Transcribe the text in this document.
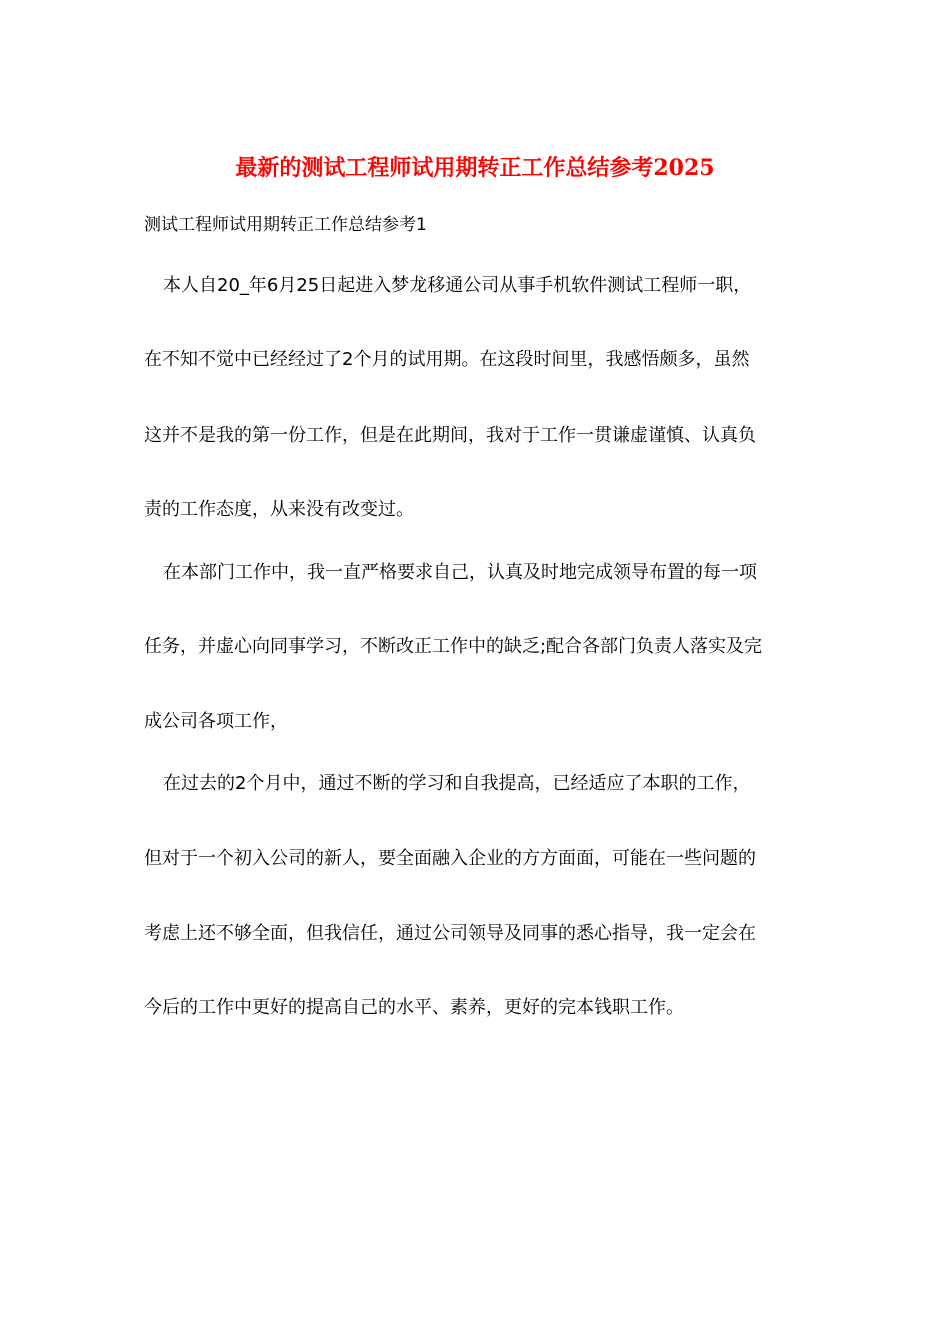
最新的测试工程师试用期转正工作总结参考2025
测试工程师试用期转正工作总结参考1
本人自20_年6月25日起进入梦龙移通公司从事手机软件测试工程师一职，
在不知不觉中已经经过了2个月的试用期。在这段时间里，我感悟颇多，虽然
这并不是我的第一份工作，但是在此期间，我对于工作一贯谦虚谨慎、认真负
责的工作态度，从来没有改变过。
在本部门工作中，我一直严格要求自己，认真及时地完成领导布置的每一项
任务，并虚心向同事学习，不断改正工作中的缺乏;配合各部门负责人落实及完
成公司各项工作，
在过去的2个月中，通过不断的学习和自我提高，已经适应了本职的工作，
但对于一个初入公司的新人，要全面融入企业的方方面面，可能在一些问题的
考虑上还不够全面，但我信任，通过公司领导及同事的悉心指导，我一定会在
今后的工作中更好的提高自己的水平、素养，更好的完本钱职工作。
